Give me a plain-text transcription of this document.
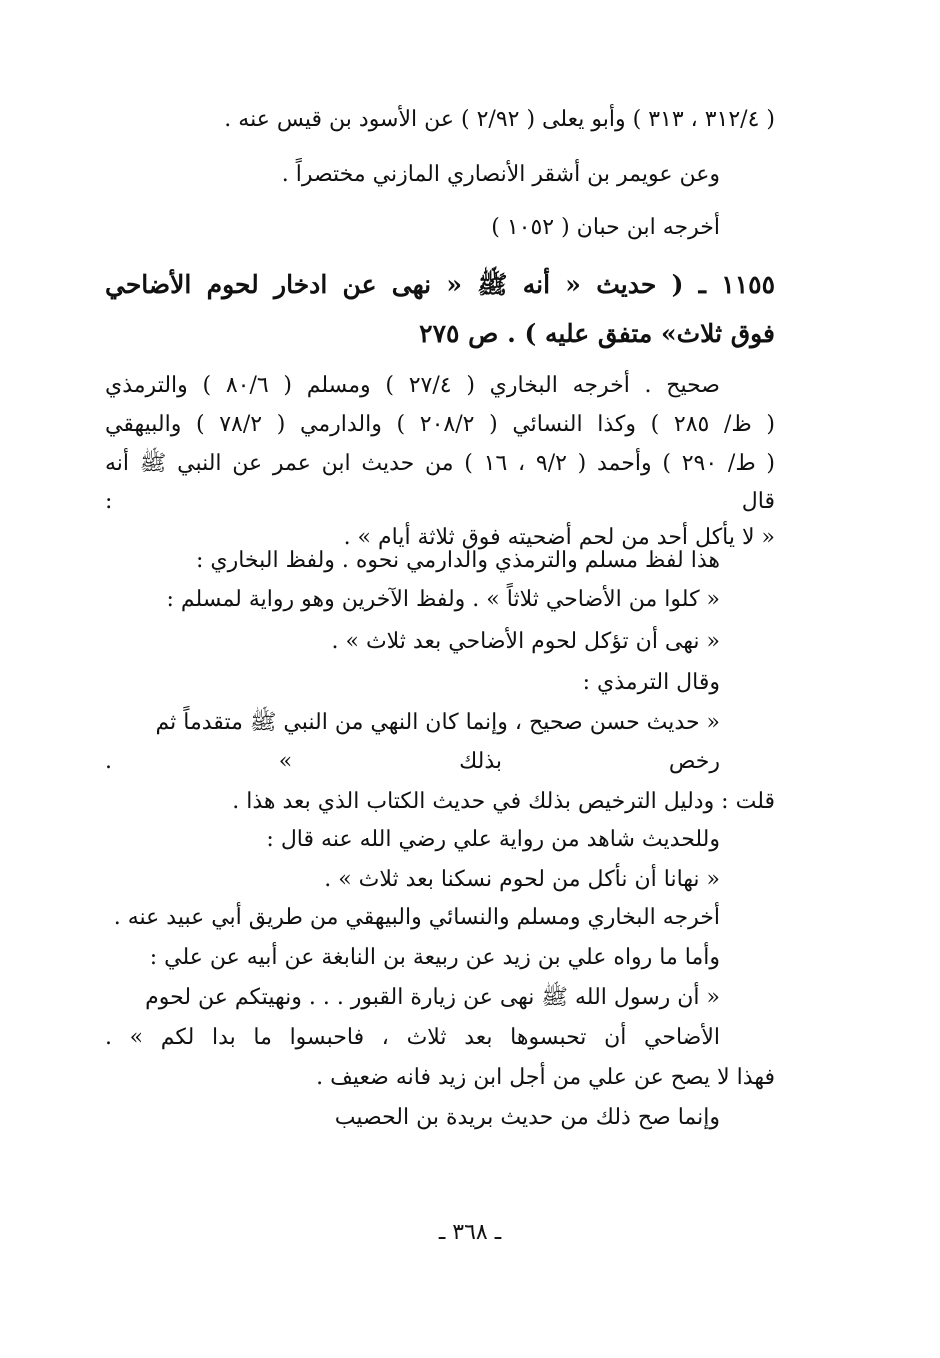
( ٣١٢/٤ ، ٣١٣ ) وأبو يعلى ( ٢/٩٢ ) عن الأسود بن قيس عنه .
وعن عويمر بن أشقر الأنصاري المازني مختصراً .
أخرجه ابن حبان ( ١٠٥٢ )
١١٥٥ ـ ( حديث « أنه ﷺ « نهى عن ادخار لحوم الأضاحي
فوق ثلاث» متفق عليه ) . ص ٢٧٥
صحيح . أخرجه البخاري ( ٢٧/٤ ) ومسلم ( ٨٠/٦ ) والترمذي
( ظ/ ٢٨٥ ) وكذا النسائي ( ٢٠٨/٢ ) والدارمي ( ٧٨/٢ ) والبيهقي
( ط/ ٢٩٠ ) وأحمد ( ٩/٢ ، ١٦ ) من حديث ابن عمر عن النبي ﷺ أنه
قال :
« لا يأكل أحد من لحم أضحيته فوق ثلاثة أيام » .
هذا لفظ مسلم والترمذي والدارمي نحوه . ولفظ البخاري :
« كلوا من الأضاحي ثلاثاً » . ولفظ الآخرين وهو رواية لمسلم :
« نهى أن تؤكل لحوم الأضاحي بعد ثلاث » .
وقال الترمذي :
« حديث حسن صحيح ، وإنما كان النهي من النبي ﷺ متقدماً ثم
رخص بذلك » .
قلت : ودليل الترخيص بذلك في حديث الكتاب الذي بعد هذا .
وللحديث شاهد من رواية علي رضي الله عنه قال :
« نهانا أن نأكل من لحوم نسكنا بعد ثلاث » .
أخرجه البخاري ومسلم والنسائي والبيهقي من طريق أبي عبيد عنه .
وأما ما رواه علي بن زيد عن ربيعة بن النابغة عن أبيه عن علي :
« أن رسول الله ﷺ نهى عن زيارة القبور . . . ونهيتكم عن لحوم
الأضاحي أن تحبسوها بعد ثلاث ، فاحبسوا ما بدا لكم » .
فهذا لا يصح عن علي من أجل ابن زيد فانه ضعيف .
وإنما صح ذلك من حديث بريدة بن الحصيب
ـ ٣٦٨ ـ
